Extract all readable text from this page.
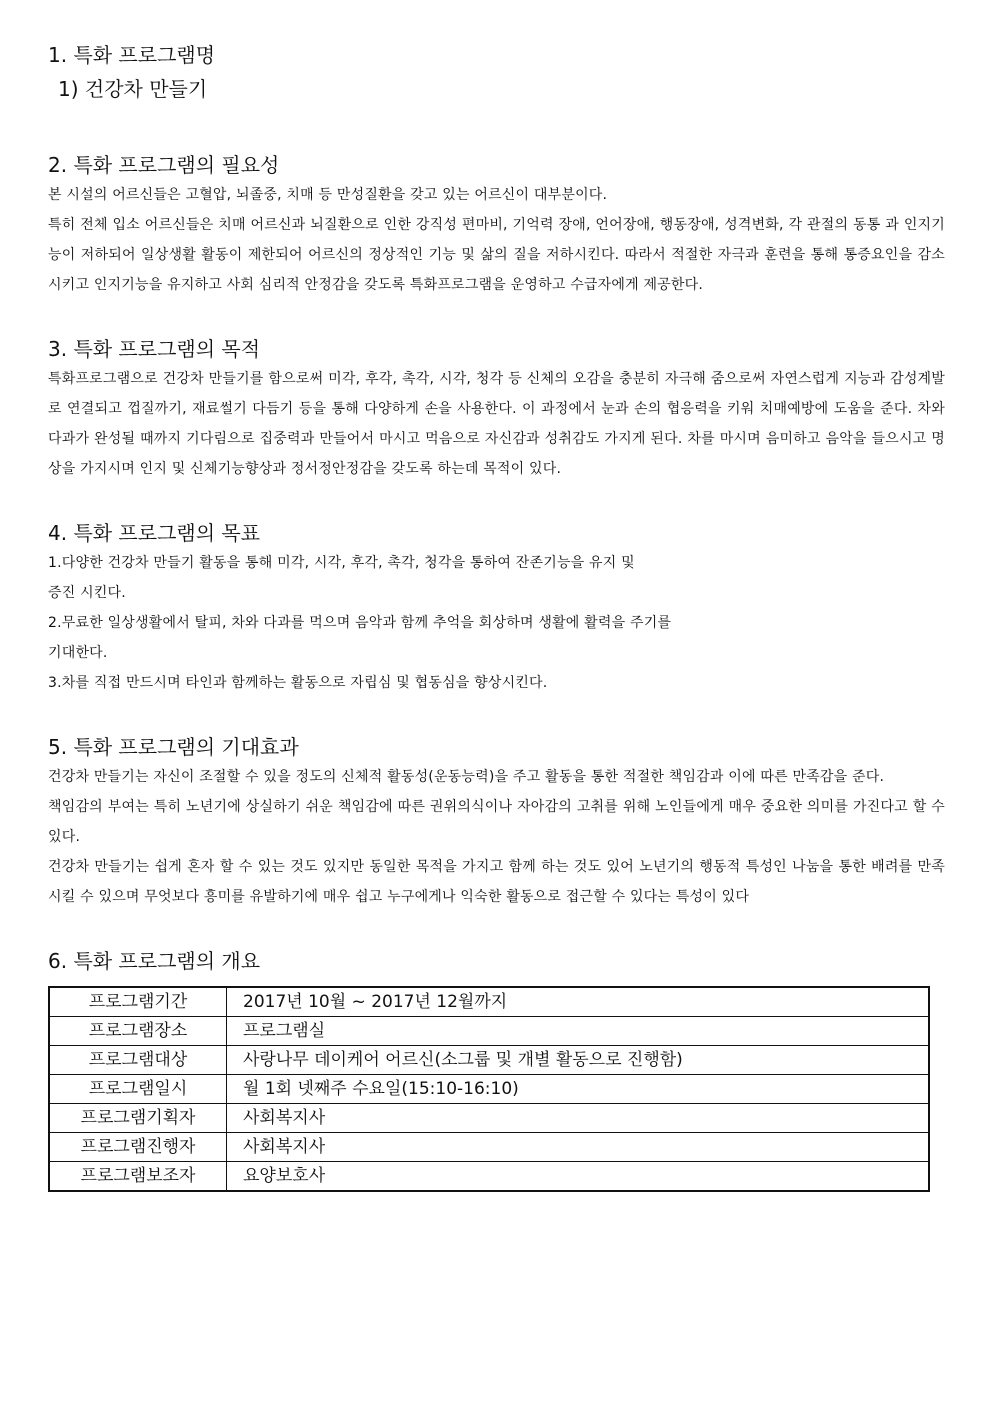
1. 특화 프로그램명
1) 건강차 만들기
2. 특화 프로그램의 필요성

본 시설의 어르신들은 고혈압, 뇌졸중, 치매 등 만성질환을 갖고 있는 어르신이 대부분이다.

특히 전체 입소 어르신들은 치매 어르신과 뇌질환으로 인한 강직성 편마비, 기억력 장애, 언어장애, 행동장애, 성격변화, 각 관절의 동통 과 인지기능이 저하되어 일상생활 활동이 제한되어 어르신의 정상적인 기능 및 삶의 질을 저하시킨다. 따라서 적절한 자극과 훈련을 통해 통증요인을 감소시키고 인지기능을 유지하고 사회 심리적 안정감을 갖도록 특화프로그램을 운영하고 수급자에게 제공한다.

3. 특화 프로그램의 목적

특화프로그램으로 건강차 만들기를 함으로써 미각, 후각, 촉각, 시각, 청각 등 신체의 오감을 충분히 자극해 줌으로써 자연스럽게 지능과 감성계발로 연결되고 껍질까기, 재료썰기 다듬기 등을 통해 다양하게 손을 사용한다. 이 과정에서 눈과 손의 협응력을 키워 치매예방에 도움을 준다. 차와 다과가 완성될 때까지 기다림으로 집중력과 만들어서 마시고 먹음으로 자신감과 성취감도 가지게 된다. 차를 마시며 음미하고 음악을 들으시고 명상을 가지시며 인지 및 신체기능향상과 정서정안정감을 갖도록 하는데 목적이 있다.

4. 특화 프로그램의 목표

1.다양한 건강차 만들기 활동을 통해 미각, 시각, 후각, 촉각, 청각을 통하여 잔존기능을 유지 및

증진 시킨다.

2.무료한 일상생활에서 탈피, 차와 다과를 먹으며 음악과 함께 추억을 회상하며 생활에 활력을 주기를

기대한다.

3.차를 직접 만드시며 타인과 함께하는 활동으로 자립심 및 협동심을 향상시킨다.

5. 특화 프로그램의 기대효과

건강차 만들기는 자신이 조절할 수 있을 정도의 신체적 활동성(운동능력)을 주고 활동을 통한 적절한 책임감과 이에 따른 만족감을 준다.

책임감의 부여는 특히 노년기에 상실하기 쉬운 책임감에 따른 권위의식이나 자아감의 고취를 위해 노인들에게 매우 중요한 의미를 가진다고 할 수 있다.

건강차 만들기는 쉽게 혼자 할 수 있는 것도 있지만 동일한 목적을 가지고 함께 하는 것도 있어 노년기의 행동적 특성인 나눔을 통한 배려를 만족시킬 수 있으며 무엇보다 흥미를 유발하기에 매우 쉽고 누구에게나 익숙한 활동으로 접근할 수 있다는 특성이 있다

6. 특화 프로그램의 개요
프로그램기간	2017년 10월 ~ 2017년 12월까지
프로그램장소	프로그램실
프로그램대상	사랑나무 데이케어 어르신(소그룹 및 개별 활동으로 진행함)
프로그램일시	월 1회 넷째주 수요일(15:10-16:10)
프로그램기획자	사회복지사
프로그램진행자	사회복지사
프로그램보조자	요양보호사
